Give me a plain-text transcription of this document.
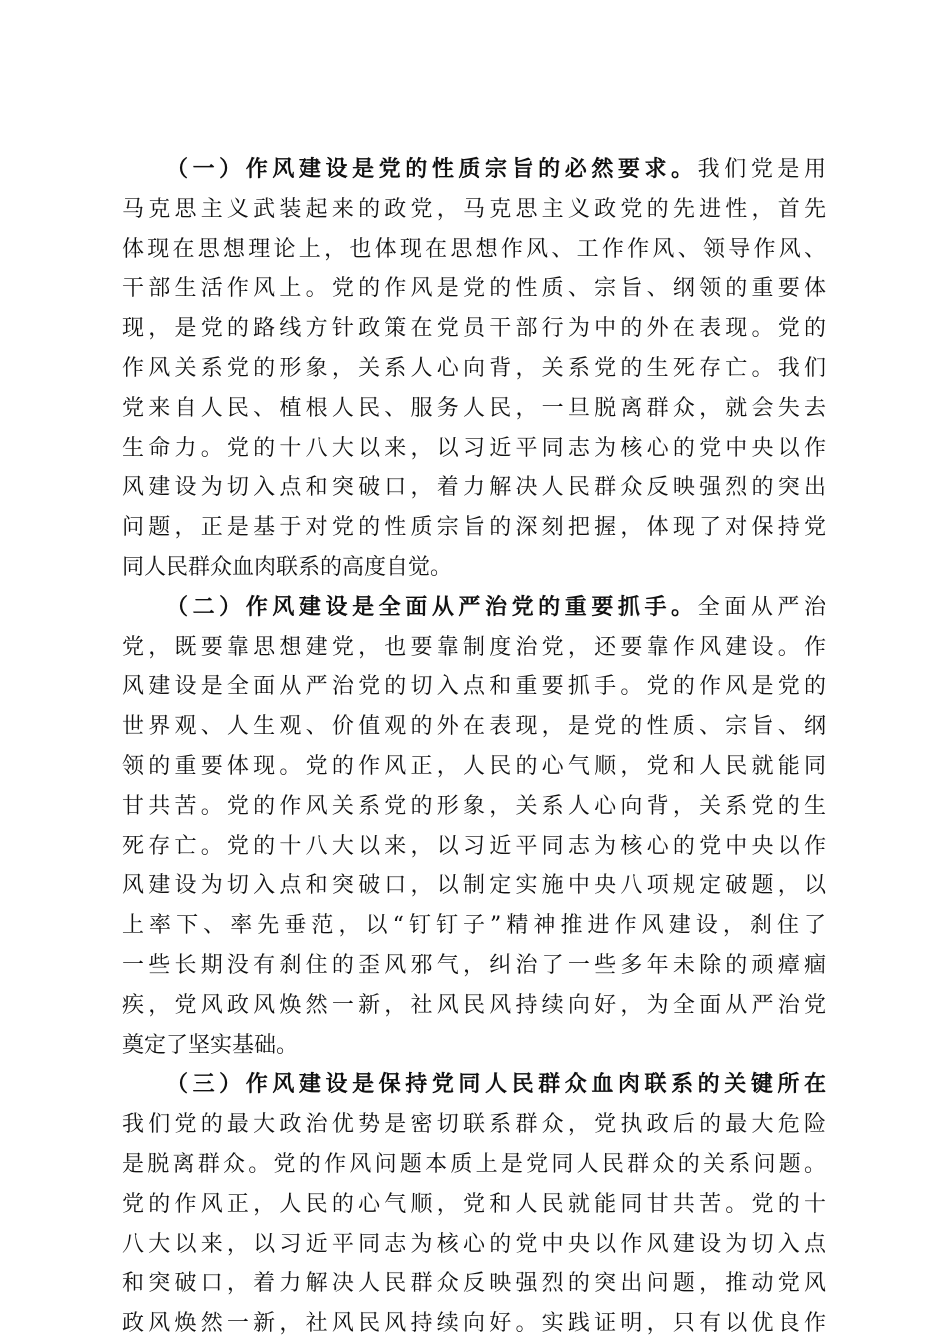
（一）作风建设是党的性质宗旨的必然要求。我们党是用
马克思主义武装起来的政党，马克思主义政党的先进性，首先
体现在思想理论上，也体现在思想作风、工作作风、领导作风、
干部生活作风上。党的作风是党的性质、宗旨、纲领的重要体
现，是党的路线方针政策在党员干部行为中的外在表现。党的
作风关系党的形象，关系人心向背，关系党的生死存亡。我们
党来自人民、植根人民、服务人民，一旦脱离群众，就会失去
生命力。党的十八大以来，以习近平同志为核心的党中央以作
风建设为切入点和突破口，着力解决人民群众反映强烈的突出
问题，正是基于对党的性质宗旨的深刻把握，体现了对保持党
同人民群众血肉联系的高度自觉。
（二）作风建设是全面从严治党的重要抓手。全面从严治
党，既要靠思想建党，也要靠制度治党，还要靠作风建设。作
风建设是全面从严治党的切入点和重要抓手。党的作风是党的
世界观、人生观、价值观的外在表现，是党的性质、宗旨、纲
领的重要体现。党的作风正，人民的心气顺，党和人民就能同
甘共苦。党的作风关系党的形象，关系人心向背，关系党的生
死存亡。党的十八大以来，以习近平同志为核心的党中央以作
风建设为切入点和突破口，以制定实施中央八项规定破题，以
上率下、率先垂范，以“钉钉子”精神推进作风建设，刹住了
一些长期没有刹住的歪风邪气，纠治了一些多年未除的顽瘴痼
疾，党风政风焕然一新，社风民风持续向好，为全面从严治党
奠定了坚实基础。
（三）作风建设是保持党同人民群众血肉联系的关键所在
我们党的最大政治优势是密切联系群众，党执政后的最大危险
是脱离群众。党的作风问题本质上是党同人民群众的关系问题。
党的作风正，人民的心气顺，党和人民就能同甘共苦。党的十
八大以来，以习近平同志为核心的党中央以作风建设为切入点
和突破口，着力解决人民群众反映强烈的突出问题，推动党风
政风焕然一新，社风民风持续向好。实践证明，只有以优良作
